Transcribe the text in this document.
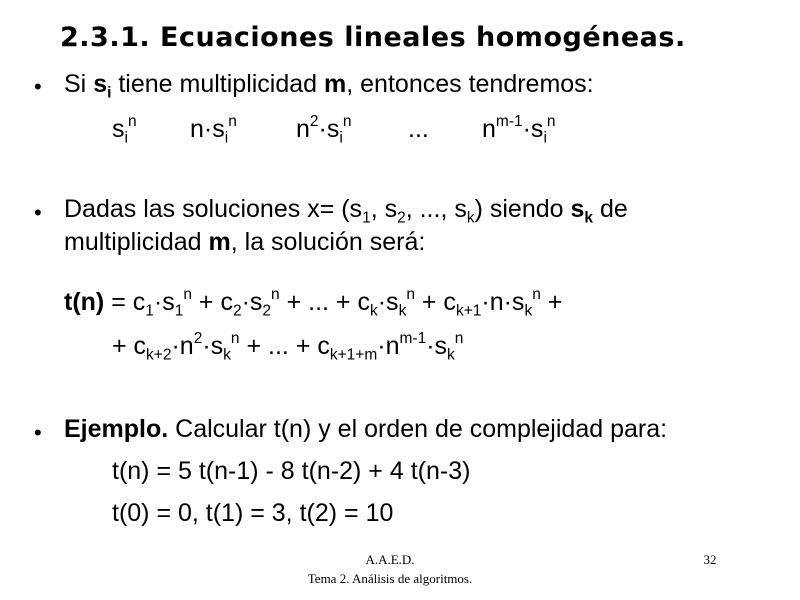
2.3.1. Ecuaciones lineales homogéneas.
• Si $s_i$ tiene multiplicidad m, entonces tendremos:
$s_i^n$ $n\cdot s_i^n$ $n^2\cdot s_i^n$ ... $n^{m-1}\cdot s_i^n$
• Dadas las soluciones $x= (s_1$, $s_2$, ..., $s_k$) siendo $s_k$ de
multiplicidad m, la solución será:
$t(n) = c_1\cdot s_1^n + c_2\cdot s_2^n$ + ... + $c_k\cdot s_k^n + c_{k+1}\cdot n\cdot s_k^n$ +
+ $c_{k+2}\cdot n^2\cdot s_k^n$ + ... + $c_{k+1+m}\cdot n^{m-1}\cdot s_k^n$
• Ejemplo. Calcular t(n) y el orden de complejidad para:
t(n) = 5 t(n-1) - 8 t(n-2) + 4 t(n-3)
t(0) = 0, t(1) = 3, t(2) = 10
A.A.E.D.
Tema 2. Análisis de algoritmos.
32
